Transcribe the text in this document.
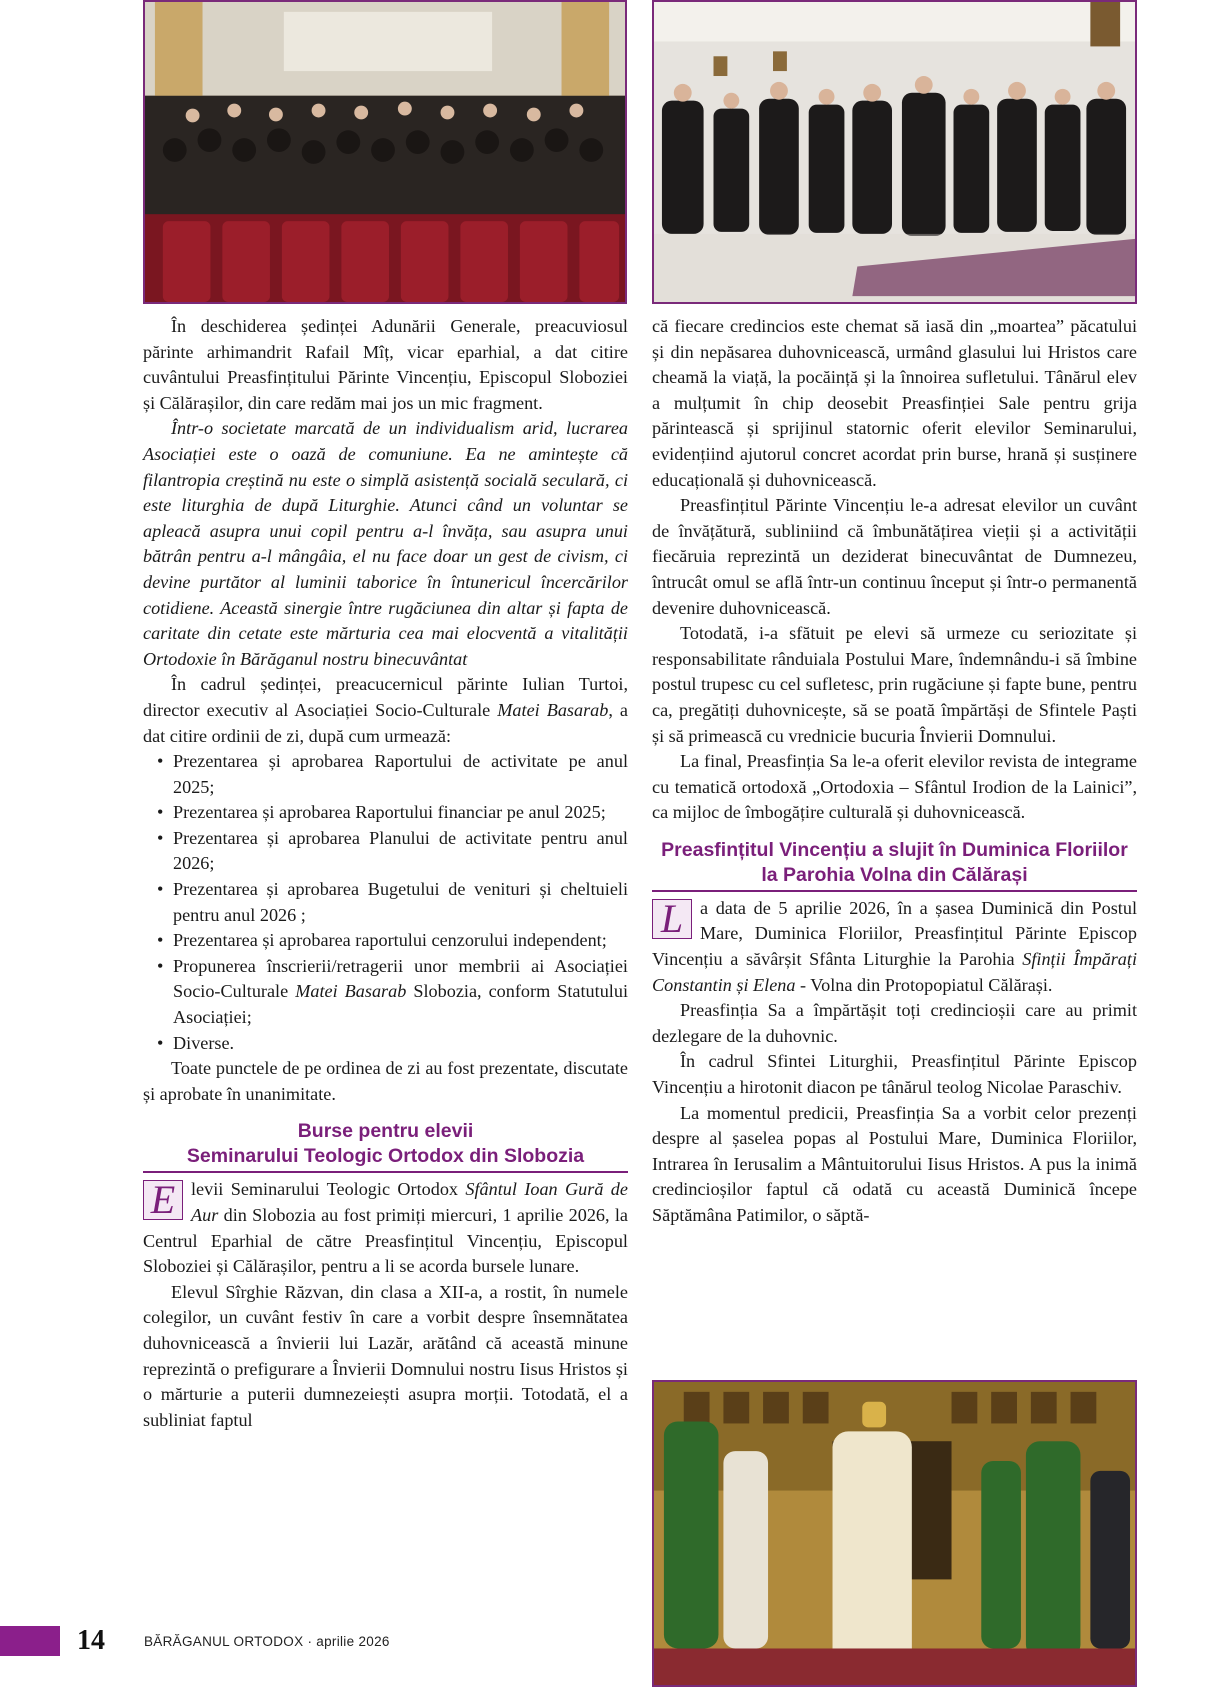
În deschiderea ședinței Adunării Generale, preacuviosul părinte arhimandrit Rafail Mîț, vicar eparhial, a dat citire cuvântului Preasfințitului Părinte Vincențiu, Episcopul Sloboziei și Călărașilor, din care redăm mai jos un mic fragment.

Într-o societate marcată de un individualism arid, lucrarea Asociației este o oază de comuniune. Ea ne amintește că filantropia creștină nu este o simplă asistență socială seculară, ci este liturghia de după Liturghie. Atunci când un voluntar se apleacă asupra unui copil pentru a-l învăța, sau asupra unui bătrân pentru a-l mângâia, el nu face doar un gest de civism, ci devine purtător al luminii taborice în întunericul încercărilor cotidiene. Această sinergie între rugăciunea din altar și fapta de caritate din cetate este mărturia cea mai elocventă a vitalității Ortodoxie în Bărăganul nostru binecuvântat

În cadrul ședinței, preacucernicul părinte Iulian Turtoi, director executiv al Asociației Socio-Culturale Matei Basarab, a dat citire ordinii de zi, după cum urmează:

• Prezentarea și aprobarea Raportului de activitate pe anul 2025;
• Prezentarea și aprobarea Raportului financiar pe anul 2025;
• Prezentarea și aprobarea Planului de activitate pentru anul 2026;
• Prezentarea și aprobarea Bugetului de venituri și cheltuieli pentru anul 2026 ;
• Prezentarea și aprobarea raportului cenzorului independent;
• Propunerea înscrierii/retragerii unor membrii ai Asociației Socio-Culturale Matei Basarab Slobozia, conform Statutului Asociației;
• Diverse.

Toate punctele de pe ordinea de zi au fost prezentate, discutate și aprobate în unanimitate.

Burse pentru elevii
Seminarului Teologic Ortodox din Slobozia

E levii Seminarului Teologic Ortodox Sfântul Ioan Gură de Aur din Slobozia au fost primiți miercuri, 1 aprilie 2026, la Centrul Eparhial de către Preasfințitul Vincențiu, Episcopul Sloboziei și Călărașilor, pentru a li se acorda bursele lunare.

Elevul Sîrghie Răzvan, din clasa a XII-a, a rostit, în numele colegilor, un cuvânt festiv în care a vorbit despre însemnătatea duhovnicească a învierii lui Lazăr, arătând că această minune reprezintă o prefigurare a Învierii Domnului nostru Iisus Hristos și o mărturie a puterii dumnezeiești asupra morții. Totodată, el a subliniat faptul

că fiecare credincios este chemat să iasă din „moartea” păcatului și din nepăsarea duhovnicească, urmând glasului lui Hristos care cheamă la viață, la pocăință și la înnoirea sufletului. Tânărul elev a mulțumit în chip deosebit Preasfinției Sale pentru grija părintească și sprijinul statornic oferit elevilor Seminarului, evidențiind ajutorul concret acordat prin burse, hrană și susținere educațională și duhovnicească.

Preasfințitul Părinte Vincențiu le-a adresat elevilor un cuvânt de învățătură, subliniind că îmbunătățirea vieții și a activității fiecăruia reprezintă un deziderat binecuvântat de Dumnezeu, întrucât omul se află într-un continuu început și într-o permanentă devenire duhovnicească.

Totodată, i-a sfătuit pe elevi să urmeze cu seriozitate și responsabilitate rânduiala Postului Mare, îndemnându-i să îmbine postul trupesc cu cel sufletesc, prin rugăciune și fapte bune, pentru ca, pregătiți duhovnicește, să se poată împărtăși de Sfintele Paști și să primească cu vrednicie bucuria Învierii Domnului.

La final, Preasfinția Sa le-a oferit elevilor revista de integrame cu tematică ortodoxă „Ortodoxia – Sfântul Irodion de la Lainici”, ca mijloc de îmbogățire culturală și duhovnicească.

Preasfințitul Vincențiu a slujit în Duminica Floriilor
la Parohia Volna din Călărași

L a data de 5 aprilie 2026, în a șasea Duminică din Postul Mare, Duminica Floriilor, Preasfințitul Părinte Episcop Vincențiu a săvârșit Sfânta Liturghie la Parohia Sfinții Împărați Constantin și Elena - Volna din Protopopiatul Călărași.

Preasfinția Sa a împărtășit toți credincioșii care au primit dezlegare de la duhovnic.

În cadrul Sfintei Liturghii, Preasfințitul Părinte Episcop Vincențiu a hirotonit diacon pe tânărul teolog Nicolae Paraschiv.

La momentul predicii, Preasfinția Sa a vorbit celor prezenți despre al șaselea popas al Postului Mare, Duminica Floriilor, Intrarea în Ierusalim a Mântuitorului Iisus Hristos. A pus la inimă credincioșilor faptul că odată cu această Duminică începe Săptămâna Patimilor, o săptă-

14	BĂRĂGANUL ORTODOX · aprilie 2026
